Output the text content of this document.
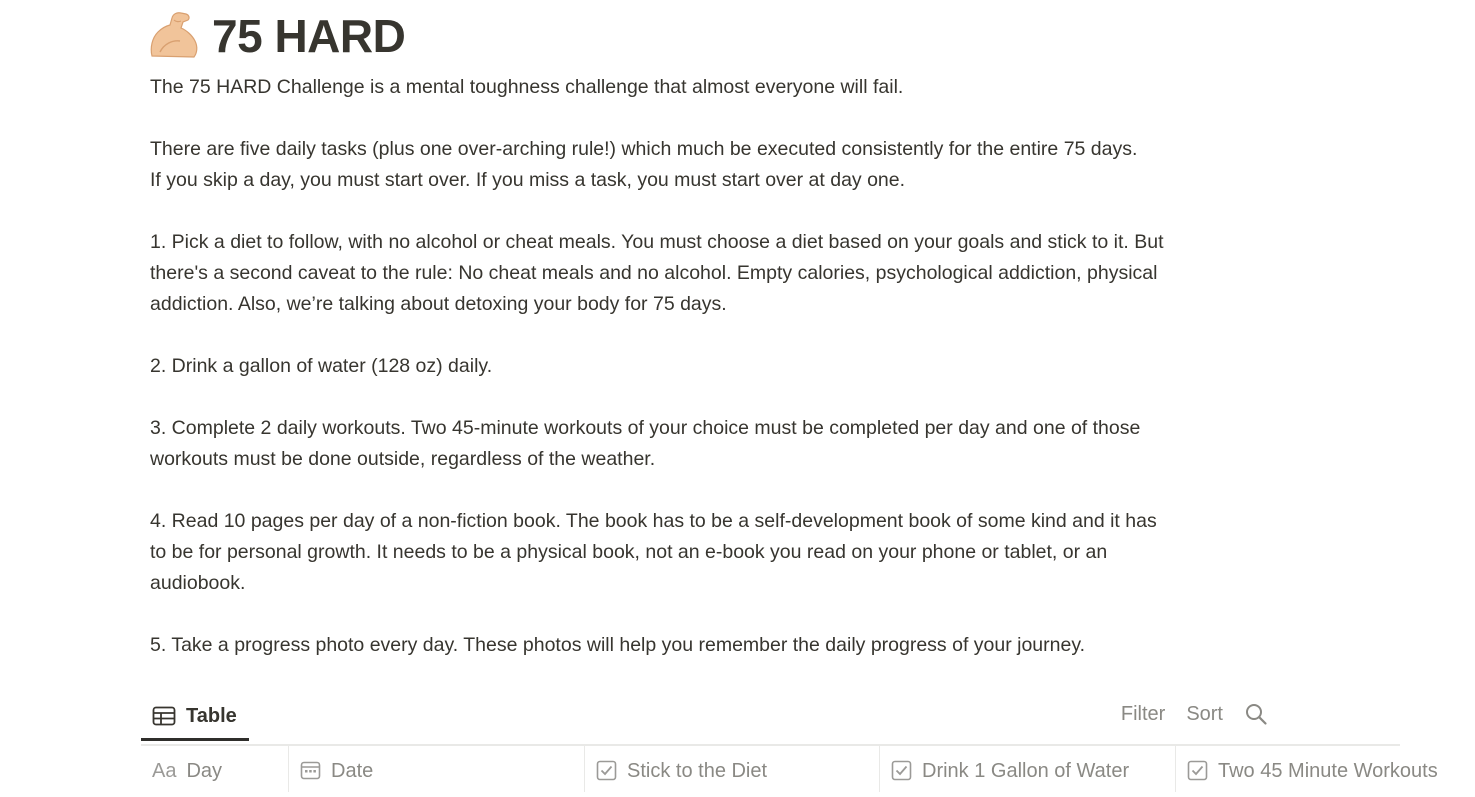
75 HARD
The 75 HARD Challenge is a mental toughness challenge that almost everyone will fail.
There are five daily tasks (plus one over-arching rule!) which much be executed consistently for the entire 75 days.
If you skip a day, you must start over. If you miss a task, you must start over at day one.
1. Pick a diet to follow, with no alcohol or cheat meals. You must choose a diet based on your goals and stick to it. But
there's a second caveat to the rule: No cheat meals and no alcohol. Empty calories, psychological addiction, physical
addiction. Also, we’re talking about detoxing your body for 75 days.
2. Drink a gallon of water (128 oz) daily.
3. Complete 2 daily workouts. Two 45-minute workouts of your choice must be completed per day and one of those
workouts must be done outside, regardless of the weather.
4. Read 10 pages per day of a non-fiction book. The book has to be a self-development book of some kind and it has
to be for personal growth. It needs to be a physical book, not an e-book you read on your phone or tablet, or an
audiobook.
5. Take a progress photo every day. These photos will help you remember the daily progress of your journey.
Table	Filter Sort
Aa Day	Date	Stick to the Diet	Drink 1 Gallon of Water	Two 45 Minute Workouts
